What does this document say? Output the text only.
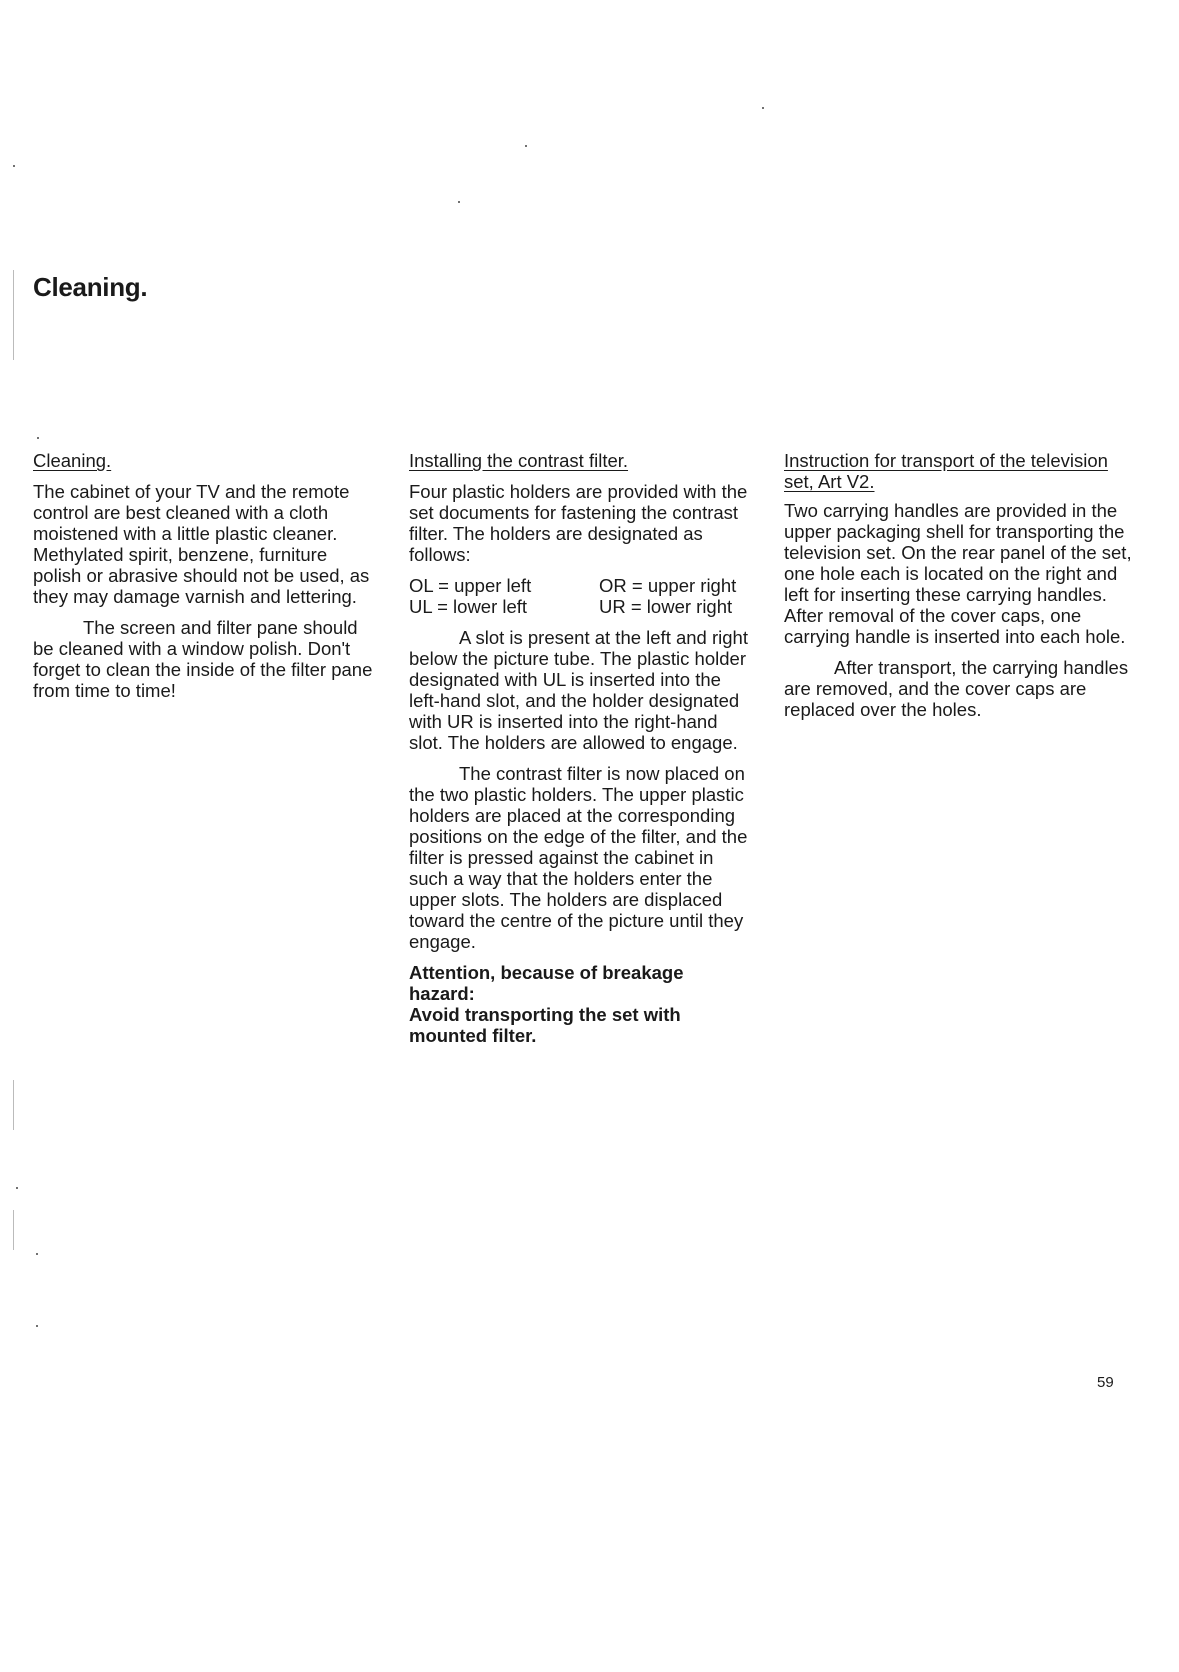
Cleaning.
Cleaning.

The cabinet of your TV and the remote control are best cleaned with a cloth moistened with a little plastic cleaner. Methylated spirit, benzene, furniture polish or abrasive should not be used, as they may damage varnish and lettering.

The screen and filter pane should be cleaned with a window polish. Don't forget to clean the inside of the filter pane from time to time!

Installing the contrast filter.

Four plastic holders are provided with the set documents for fastening the contrast filter. The holders are designated as follows:

OL = upper left	OR = upper right
UL = lower left	UR = lower right

A slot is present at the left and right below the picture tube. The plastic holder designated with UL is inserted into the left-hand slot, and the holder designated with UR is inserted into the right-hand slot. The holders are allowed to engage.

The contrast filter is now placed on the two plastic holders. The upper plastic holders are placed at the corresponding positions on the edge of the filter, and the filter is pressed against the cabinet in such a way that the holders enter the upper slots. The holders are displaced toward the centre of the picture until they engage.

Attention, because of breakage hazard:

Avoid transporting the set with mounted filter.

Instruction for transport of the television set, Art V2.

Two carrying handles are provided in the upper packaging shell for transporting the television set. On the rear panel of the set, one hole each is located on the right and left for inserting these carrying handles. After removal of the cover caps, one carrying handle is inserted into each hole.

After transport, the carrying handles are removed, and the cover caps are replaced over the holes.

59
